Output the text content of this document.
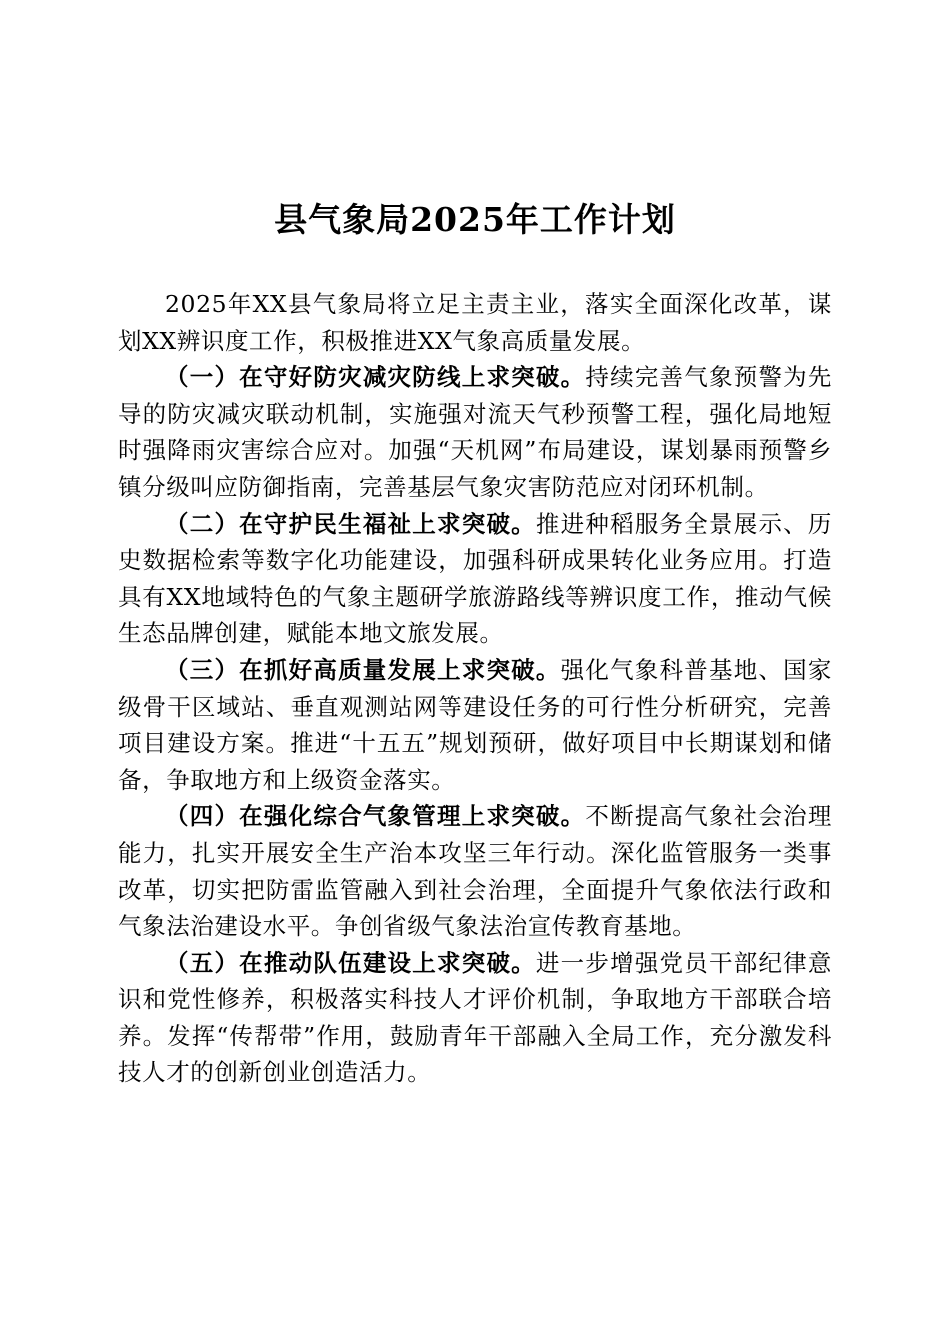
县气象局2025年工作计划

2025年XX县气象局将立足主责主业，落实全面深化改革，谋划XX辨识度工作，积极推进XX气象高质量发展。

（一）在守好防灾减灾防线上求突破。持续完善气象预警为先导的防灾减灾联动机制，实施强对流天气秒预警工程，强化局地短时强降雨灾害综合应对。加强“天机网”布局建设，谋划暴雨预警乡镇分级叫应防御指南，完善基层气象灾害防范应对闭环机制。

（二）在守护民生福祉上求突破。推进种稻服务全景展示、历史数据检索等数字化功能建设，加强科研成果转化业务应用。打造具有XX地域特色的气象主题研学旅游路线等辨识度工作，推动气候生态品牌创建，赋能本地文旅发展。

（三）在抓好高质量发展上求突破。强化气象科普基地、国家级骨干区域站、垂直观测站网等建设任务的可行性分析研究，完善项目建设方案。推进“十五五”规划预研，做好项目中长期谋划和储备，争取地方和上级资金落实。

（四）在强化综合气象管理上求突破。不断提高气象社会治理能力，扎实开展安全生产治本攻坚三年行动。深化监管服务一类事改革，切实把防雷监管融入到社会治理，全面提升气象依法行政和气象法治建设水平。争创省级气象法治宣传教育基地。

（五）在推动队伍建设上求突破。进一步增强党员干部纪律意识和党性修养，积极落实科技人才评价机制，争取地方干部联合培养。发挥“传帮带”作用，鼓励青年干部融入全局工作，充分激发科技人才的创新创业创造活力。
